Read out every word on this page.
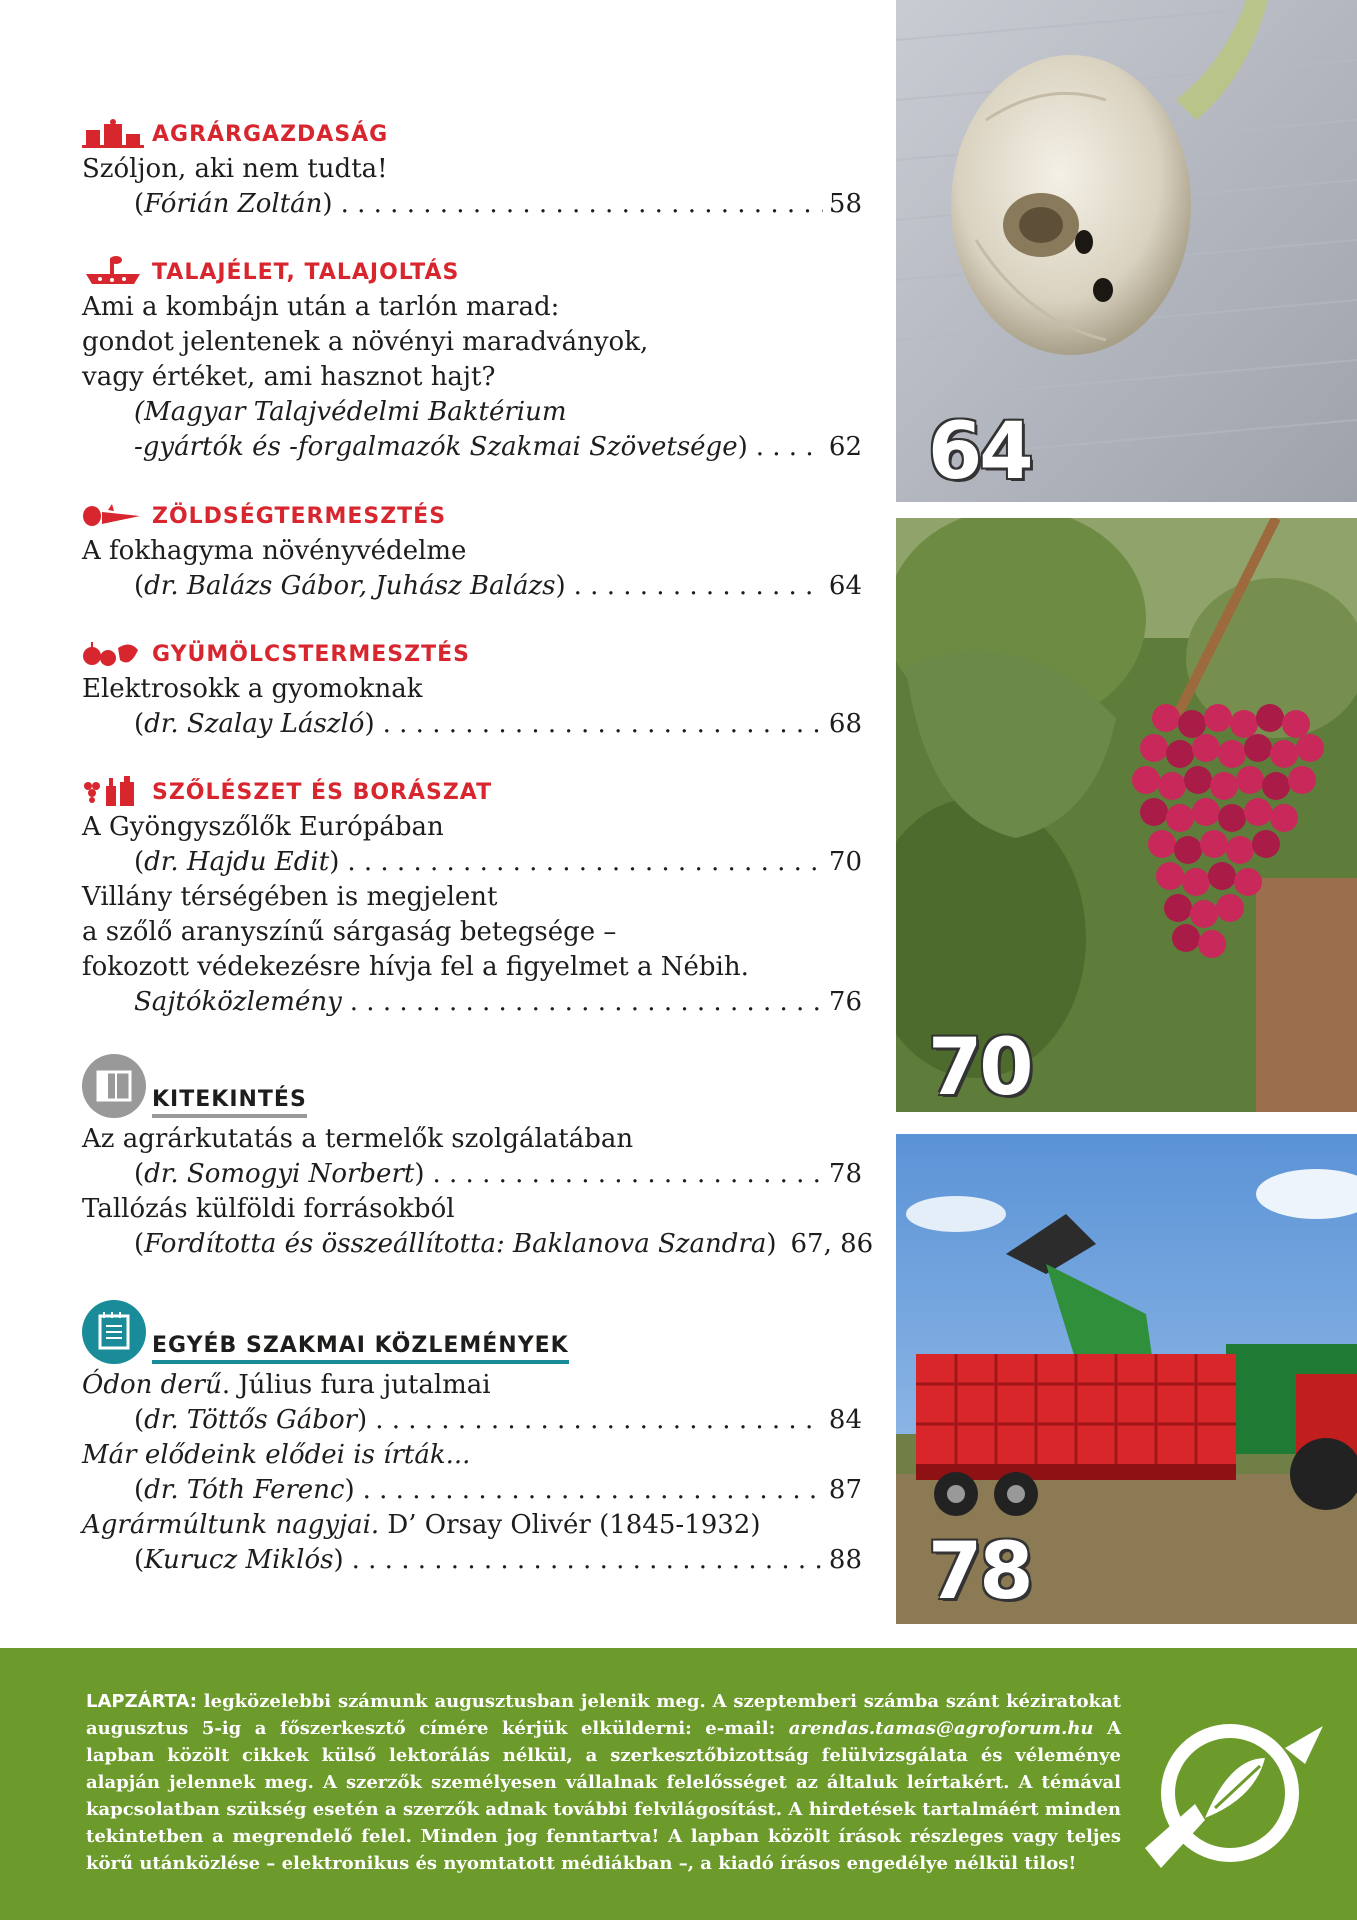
AGRÁRGAZDASÁG
Szóljon, aki nem tudta!
(Fórián Zoltán) . . .	58
TALAJÉLET, TALAJOLTÁS
Ami a kombájn után a tarlón marad:
gondot jelentenek a növényi maradványok,
vagy értéket, ami hasznot hajt?
(Magyar Talajvédelmi Baktérium
-gyártók és -forgalmazók Szakmai Szövetsége) . . .	62
ZÖLDSÉGTERMESZTÉS
A fokhagyma növényvédelme
(dr. Balázs Gábor, Juhász Balázs) . . .	64
GYÜMÖLCSTERMESZTÉS
Elektrosokk a gyomoknak
(dr. Szalay László) . . .	68
SZŐLÉSZET ÉS BORÁSZAT
A Gyöngyszőlők Európában
(dr. Hajdu Edit) . . .	70
Villány térségében is megjelent
a szőlő aranyszínű sárgaság betegsége –
fokozott védekezésre hívja fel a figyelmet a Nébih.
Sajtóközlemény . . .	76
KITEKINTÉS
Az agrárkutatás a termelők szolgálatában
(dr. Somogyi Norbert) . . .	78
Tallózás külföldi forrásokból
(Fordította és összeállította: Baklanova Szandra) . . . 67, 86
EGYÉB SZAKMAI KÖZLEMÉNYEK
Ódon derű. Július fura jutalmai
(dr. Töttős Gábor) . . .	84
Már elődeink elődei is írták...
(dr. Tóth Ferenc) . . .	87
Agrármúltunk nagyjai. D’ Orsay Olivér (1845-1932)
(Kurucz Miklós) . . .	88
64
70
78
LAPZÁRTA: legközelebbi számunk augusztusban jelenik meg. A szeptemberi számba szánt kéziratokat augusztus 5-ig a főszerkesztő címére kérjük elkülderni: e-mail: arendas.tamas@agroforum.hu A lapban közölt cikkek külső lektorálás nélkül, a szerkesztőbizottság felülvizsgálata és véleménye alapján jelennek meg. A szerzők személyesen vállalnak felelősséget az általuk leírtakért. A témával kapcsolatban szükség esetén a szerzők adnak további felvilágosítást. A hirdetések tartalmáért minden tekintetben a megrendelő felel. Minden jog fenntartva! A lapban közölt írások részleges vagy teljes körű utánközlése – elektronikus és nyomtatott médiákban –, a kiadó írásos engedélye nélkül tilos!
